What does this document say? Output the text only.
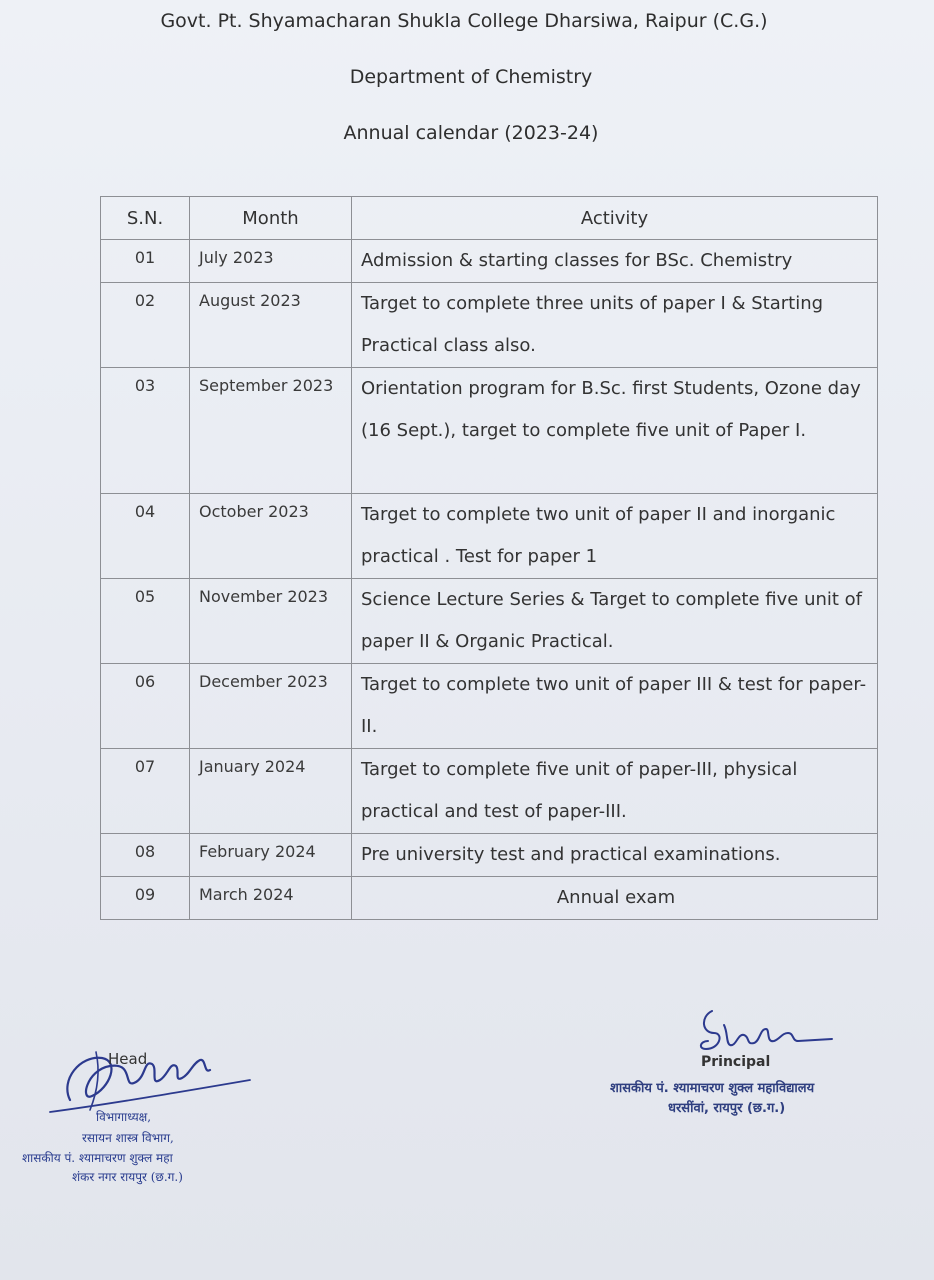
Govt. Pt. Shyamacharan Shukla College Dharsiwa, Raipur (C.G.)
Department of Chemistry
Annual calendar (2023-24)
S.N.	Month	Activity
01	July 2023	Admission & starting classes for BSc. Chemistry
02	August 2023	Target to complete three units of paper I & Starting Practical class also.
03	September 2023	Orientation program for B.Sc. first Students, Ozone day (16 Sept.), target to complete five unit of Paper I.
04	October 2023	Target to complete two unit of paper II and inorganic practical . Test for paper 1
05	November 2023	Science Lecture Series & Target to complete five unit of paper II & Organic Practical.
06	December 2023	Target to complete two unit of paper III & test for paper-II.
07	January 2024	Target to complete five unit of paper-III, physical practical and test of paper-III.
08	February 2024	Pre university test and practical examinations.
09	March 2024	Annual exam
Head
विभागाध्यक्ष,
रसायन शास्त्र विभाग,
शासकीय पं. श्यामाचरण शुक्ल महा
शंकर नगर रायपुर (छ.ग.)
Principal
शासकीय पं. श्यामाचरण शुक्ल महाविद्यालय
धरसींवां, रायपुर (छ.ग.)
